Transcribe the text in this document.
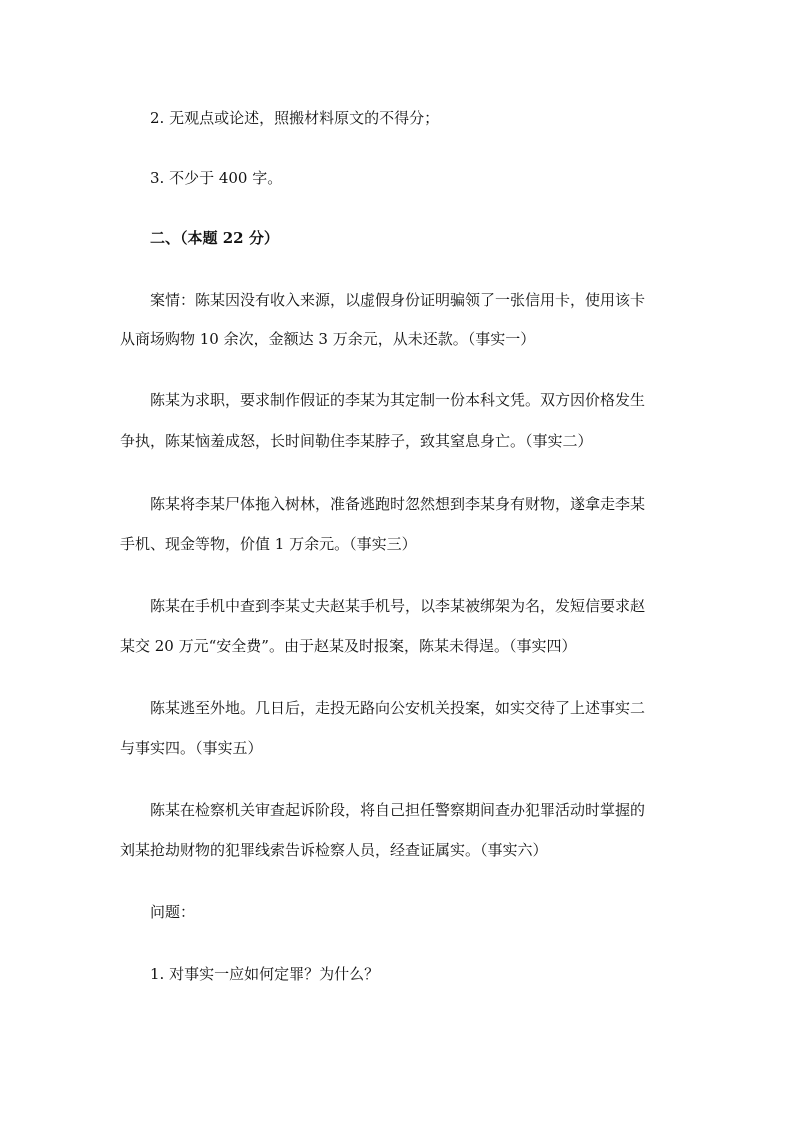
2. 无观点或论述，照搬材料原文的不得分；
3. 不少于 400 字。
二、（本题 22 分）
案情：陈某因没有收入来源，以虚假身份证明骗领了一张信用卡，使用该卡
从商场购物 10 余次，金额达 3 万余元，从未还款。（事实一）
陈某为求职，要求制作假证的李某为其定制一份本科文凭。双方因价格发生
争执，陈某恼羞成怒，长时间勒住李某脖子，致其窒息身亡。（事实二）
陈某将李某尸体拖入树林，准备逃跑时忽然想到李某身有财物，遂拿走李某
手机、现金等物，价值 1 万余元。（事实三）
陈某在手机中查到李某丈夫赵某手机号，以李某被绑架为名，发短信要求赵
某交 20 万元“安全费”。由于赵某及时报案，陈某未得逞。（事实四）
陈某逃至外地。几日后，走投无路向公安机关投案，如实交待了上述事实二
与事实四。（事实五）
陈某在检察机关审查起诉阶段，将自己担任警察期间查办犯罪活动时掌握的
刘某抢劫财物的犯罪线索告诉检察人员，经查证属实。（事实六）
问题：
1. 对事实一应如何定罪？为什么？
